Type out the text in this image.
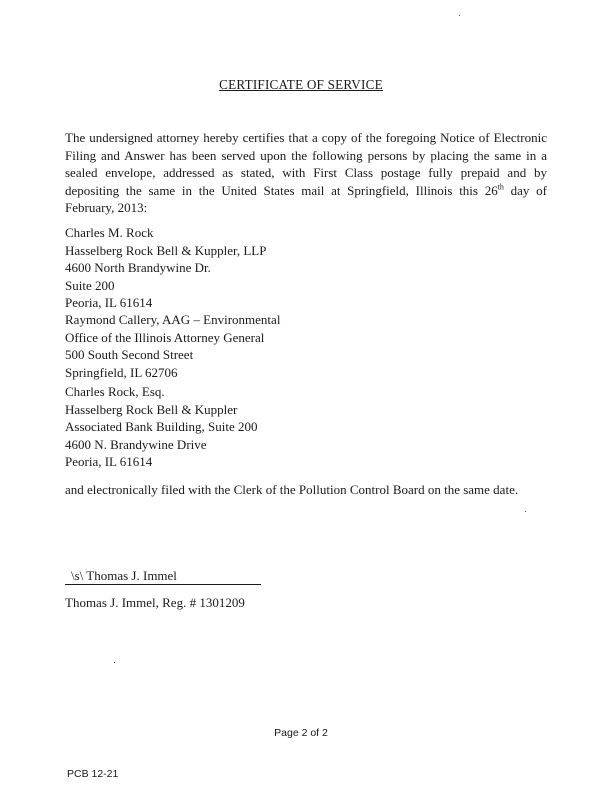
CERTIFICATE OF SERVICE
The undersigned attorney hereby certifies that a copy of the foregoing Notice of Electronic Filing and Answer has been served upon the following persons by placing the same in a sealed envelope, addressed as stated, with First Class postage fully prepaid and by depositing the same in the United States mail at Springfield, Illinois this 26th day of February, 2013:
Charles M. Rock
Hasselberg Rock Bell & Kuppler, LLP
4600 North Brandywine Dr.
Suite 200
Peoria, IL 61614
Raymond Callery, AAG – Environmental
Office of the Illinois Attorney General
500 South Second Street
Springfield, IL 62706
Charles Rock, Esq.
Hasselberg Rock Bell & Kuppler
Associated Bank Building, Suite 200
4600 N. Brandywine Drive
Peoria, IL 61614
and electronically filed with the Clerk of the Pollution Control Board on the same date.
\s\ Thomas J. Immel
Thomas J. Immel, Reg. # 1301209
Page 2 of 2
PCB 12-21
